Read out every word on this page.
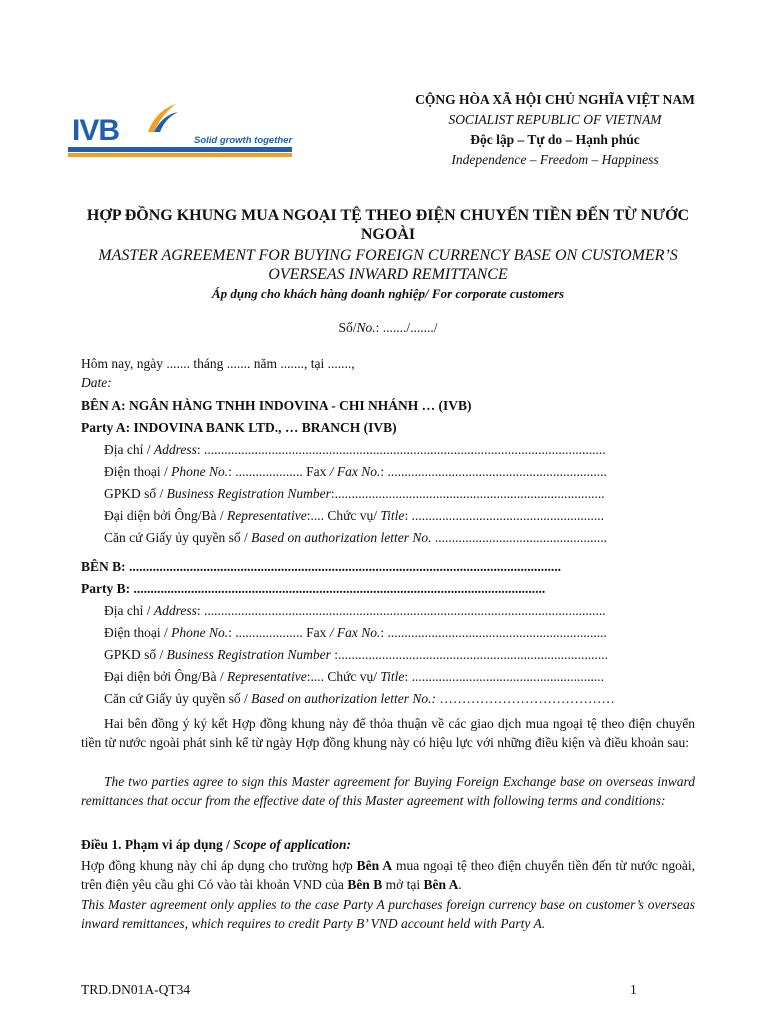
IVB	Solid growth together
CỘNG HÒA XÃ HỘI CHỦ NGHĨA VIỆT NAM
SOCIALIST REPUBLIC OF VIETNAM
Độc lập – Tự do – Hạnh phúc
Independence – Freedom – Happiness
HỢP ĐỒNG KHUNG MUA NGOẠI TỆ THEO ĐIỆN CHUYỂN TIỀN ĐẾN TỪ NƯỚC NGOÀI
MASTER AGREEMENT FOR BUYING FOREIGN CURRENCY BASE ON CUSTOMER’S OVERSEAS INWARD REMITTANCE
Áp dụng cho khách hàng doanh nghiệp/ For corporate customers
Số/No.: ......./......./
Hôm nay, ngày ....... tháng ....... năm ......., tại .......,
Date:
BÊN A: NGÂN HÀNG TNHH INDOVINA - CHI NHÁNH … (IVB)
Party A: INDOVINA BANK LTD., … BRANCH (IVB)
Địa chỉ / Address: .......................................................................................................................
Điện thoại / Phone No.: .................... Fax / Fax No.: .................................................................
GPKD số / Business Registration Number:................................................................................
Đại diện bởi Ông/Bà / Representative:.... Chức vụ/ Title: .........................................................
Căn cứ Giấy ủy quyền số / Based on authorization letter No. ...................................................
BÊN B: ................................................................................................................................
Party B: ..........................................................................................................................
Địa chỉ / Address: .......................................................................................................................
Điện thoại / Phone No.: .................... Fax / Fax No.: .................................................................
GPKD số / Business Registration Number :................................................................................
Đại diện bởi Ông/Bà / Representative:.... Chức vụ/ Title: .........................................................
Căn cứ Giấy ủy quyền số / Based on authorization letter No.: …………………………………
Hai bên đồng ý ký kết Hợp đồng khung này để thỏa thuận về các giao dịch mua ngoại tệ theo điện chuyển tiền từ nước ngoài phát sinh kể từ ngày Hợp đồng khung này có hiệu lực với những điều kiện và điều khoản sau:
The two parties agree to sign this Master agreement for Buying Foreign Exchange base on overseas inward remittances that occur from the effective date of this Master agreement with following terms and conditions:
Điều 1. Phạm vi áp dụng / Scope of application:
Hợp đồng khung này chỉ áp dụng cho trường hợp Bên A mua ngoại tệ theo điện chuyển tiền đến từ nước ngoài, trên điện yêu cầu ghi Có vào tài khoản VND của Bên B mở tại Bên A.
This Master agreement only applies to the case Party A purchases foreign currency base on customer’s overseas inward remittances, which requires to credit Party B’ VND account held with Party A.
TRD.DN01A-QT34	1
